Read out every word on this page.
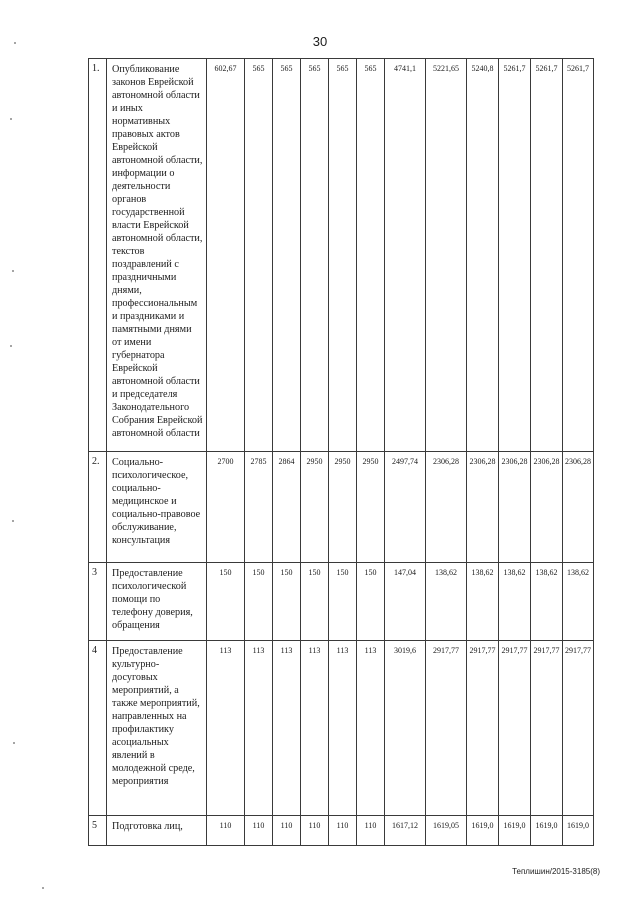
30
1.	Опубликование законов Еврейской автономной области и иных нормативных правовых актов Еврейской автономной области, информации о деятельности органов государственной власти Еврейской автономной области, текстов поздравлений с праздничными днями, профессиональным и праздниками и памятными днями от имени губернатора Еврейской автономной области и председателя Законодательного Собрания Еврейской автономной области	602,67	565	565	565	565	565	4741,1	5221,65	5240,8	5261,7	5261,7	5261,7
2.	Социально-психологическое, социально-медицинское и социально-правовое обслуживание, консультация	2700	2785	2864	2950	2950	2950	2497,74	2306,28	2306,28	2306,28	2306,28	2306,28
3	Предоставление психологической помощи по телефону доверия, обращения	150	150	150	150	150	150	147,04	138,62	138,62	138,62	138,62	138,62
4	Предоставление культурно-досуговых мероприятий, а также мероприятий, направленных на профилактику асоциальных явлений в молодежной среде, мероприятия	113	113	113	113	113	113	3019,6	2917,77	2917,77	2917,77	2917,77	2917,77
5	Подготовка лиц,	110	110	110	110	110	110	1617,12	1619,05	1619,0	1619,0	1619,0	1619,0
Теплишин/2015-3185(8)
